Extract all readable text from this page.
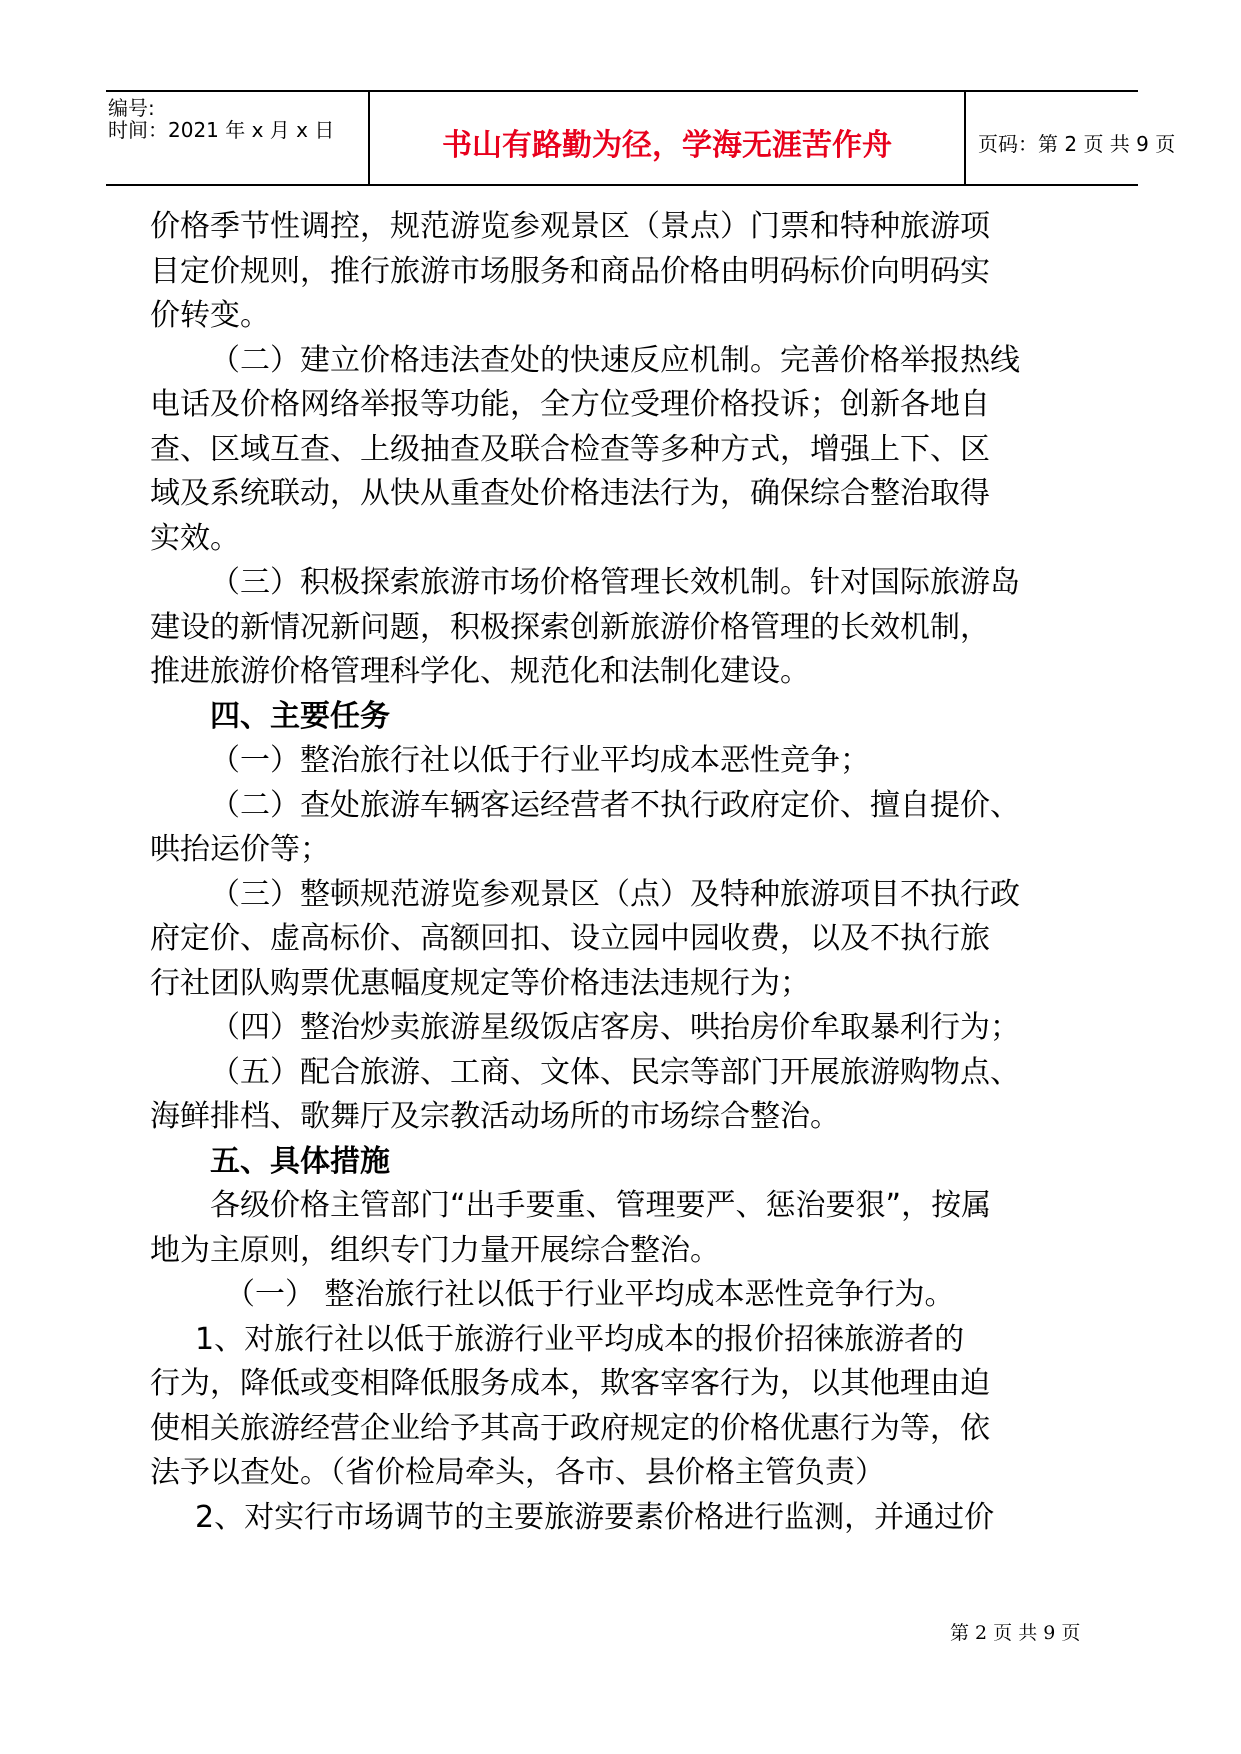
编号:
时间：2021 年 x 月 x 日	书山有路勤为径，学海无涯苦作舟	页码：第 2 页 共 9 页
价格季节性调控，规范游览参观景区（景点）门票和特种旅游项
目定价规则，推行旅游市场服务和商品价格由明码标价向明码实
价转变。
（二）建立价格违法查处的快速反应机制。完善价格举报热线
电话及价格网络举报等功能，全方位受理价格投诉；创新各地自
查、区域互查、上级抽查及联合检查等多种方式，增强上下、区
域及系统联动，从快从重查处价格违法行为，确保综合整治取得
实效。
（三）积极探索旅游市场价格管理长效机制。针对国际旅游岛
建设的新情况新问题，积极探索创新旅游价格管理的长效机制，
推进旅游价格管理科学化、规范化和法制化建设。
四、主要任务
（一）整治旅行社以低于行业平均成本恶性竞争；
（二）查处旅游车辆客运经营者不执行政府定价、擅自提价、
哄抬运价等；
（三）整顿规范游览参观景区（点）及特种旅游项目不执行政
府定价、虚高标价、高额回扣、设立园中园收费，以及不执行旅
行社团队购票优惠幅度规定等价格违法违规行为；
（四）整治炒卖旅游星级饭店客房、哄抬房价牟取暴利行为；
（五）配合旅游、工商、文体、民宗等部门开展旅游购物点、
海鲜排档、歌舞厅及宗教活动场所的市场综合整治。
五、具体措施
各级价格主管部门“出手要重、管理要严、惩治要狠”，按属
地为主原则，组织专门力量开展综合整治。
（一） 整治旅行社以低于行业平均成本恶性竞争行为。
1、对旅行社以低于旅游行业平均成本的报价招徕旅游者的
行为，降低或变相降低服务成本，欺客宰客行为，以其他理由迫
使相关旅游经营企业给予其高于政府规定的价格优惠行为等，依
法予以查处。（省价检局牵头，各市、县价格主管负责）
2、对实行市场调节的主要旅游要素价格进行监测，并通过价
第 2 页 共 9 页
